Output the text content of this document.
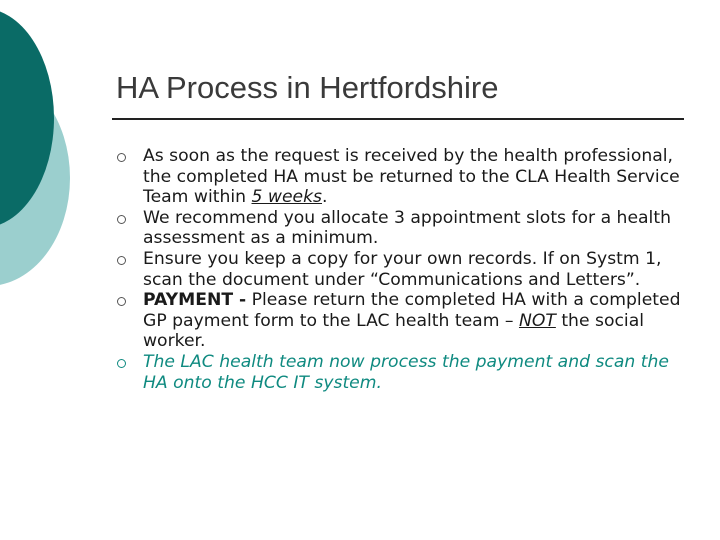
HA Process in Hertfordshire
As soon as the request is received by the health professional, the completed HA must be returned to the CLA Health Service Team within 5 weeks.
We recommend you allocate 3 appointment slots for a health assessment as a minimum.
Ensure you keep a copy for your own records. If on Systm 1, scan the document under “Communications and Letters”.
PAYMENT - Please return the completed HA with a completed GP payment form to the LAC health team – NOT the social worker.
The LAC health team now process the payment and scan the HA onto the HCC IT system.
